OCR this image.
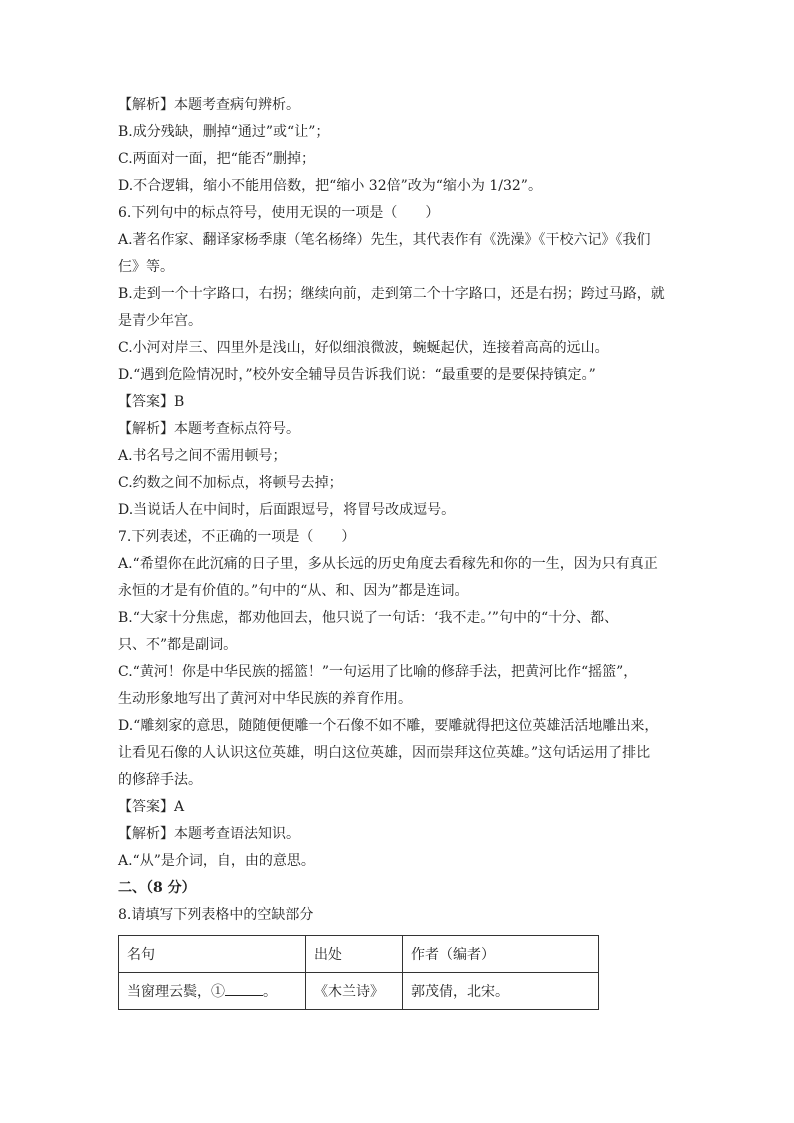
【解析】本题考查病句辨析。
B.成分残缺，删掉“通过”或“让”；
C.两面对一面，把“能否”删掉；
D.不合逻辑，缩小不能用倍数，把“缩小 32倍”改为“缩小为 1/32”。
6.下列句中的标点符号，使用无误的一项是（　　）
A.著名作家、翻译家杨季康（笔名杨绛）先生，其代表作有《洗澡》《干校六记》《我们
仨》等。
B.走到一个十字路口，右拐；继续向前，走到第二个十字路口，还是右拐；跨过马路，就
是青少年宫。
C.小河对岸三、四里外是浅山，好似细浪微波，蜿蜒起伏，连接着高高的远山。
D.“遇到危险情况时，”校外安全辅导员告诉我们说：“最重要的是要保持镇定。”
【答案】B
【解析】本题考查标点符号。
A.书名号之间不需用顿号；
C.约数之间不加标点，将顿号去掉；
D.当说话人在中间时，后面跟逗号，将冒号改成逗号。
7.下列表述，不正确的一项是（　　）
A.“希望你在此沉痛的日子里，多从长远的历史角度去看稼先和你的一生，因为只有真正
永恒的才是有价值的。”句中的“从、和、因为”都是连词。
B.“大家十分焦虑，都劝他回去，他只说了一句话：‘我不走。’”句中的“十分、都、
只、不”都是副词。
C.“黄河！你是中华民族的摇篮！”一句运用了比喻的修辞手法，把黄河比作“摇篮”，
生动形象地写出了黄河对中华民族的养育作用。
D.“雕刻家的意思，随随便便雕一个石像不如不雕，要雕就得把这位英雄活活地雕出来，
让看见石像的人认识这位英雄，明白这位英雄，因而崇拜这位英雄。”这句话运用了排比
的修辞手法。
【答案】A
【解析】本题考查语法知识。
A.“从”是介词，自，由的意思。
二、（8 分）
8.请填写下列表格中的空缺部分
名句	出处	作者（编者）
当窗理云鬓，① 。	《木兰诗》	郭茂倩，北宋。
